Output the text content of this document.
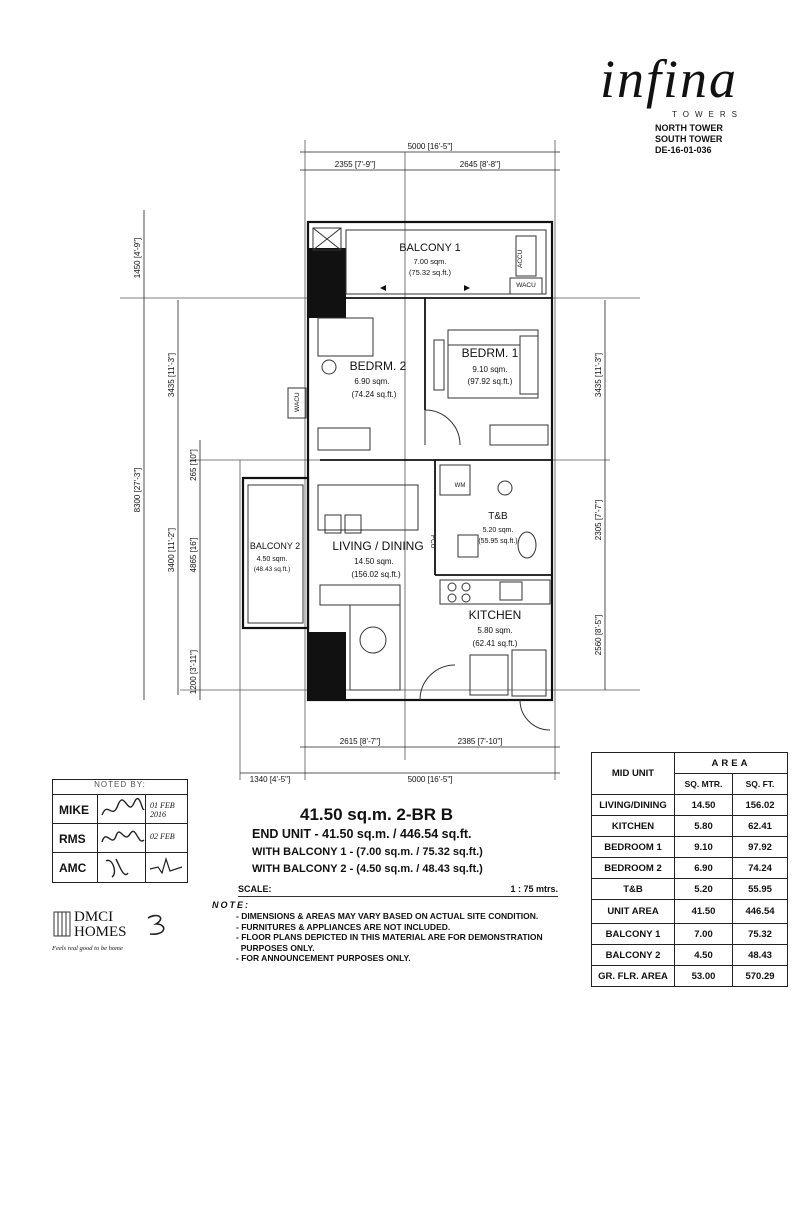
infina
TOWERS
NORTH TOWER
SOUTH TOWER
DE-16-01-036
BALCONY 1
7.00 sqm.
(75.32 sq.ft.)
BEDRM. 2
6.90 sqm.
(74.24 sq.ft.)
BEDRM. 1
9.10 sqm.
(97.92 sq.ft.)
T&B
5.20 sqm.
(55.95 sq.ft.)
LIVING / DINING
14.50 sqm.
(156.02 sq.ft.)
BALCONY 2
4.50 sqm.
(48.43 sq.ft.)
KITCHEN
5.80 sqm.
(62.41 sq.ft.)
WACU
WM
ACCU
WACU
FCU
5000 [16'-5"]
2355 [7'-9"]	2645 [8'-8"]
2615 [8'-7"]	2385 [7'-10"]
5000 [16'-5"]
1340 [4'-5"]
8300 [27'-3"]
1450 [4'-9"]
3435 [11'-3"]
3400 [11'-2"]
1200 [3'-11"]
265 [10"]
4865 [16']
3435 [11'-3"]
2305 [7'-7"]
2560 [8'-5"]
41.50 sq.m. 2-BR B
END UNIT - 41.50 sq.m. / 446.54 sq.ft.
WITH BALCONY 1 - (7.00 sq.m. / 75.32 sq.ft.)
WITH BALCONY 2 - (4.50 sq.m. / 48.43 sq.ft.)
SCALE:	1 : 75 mtrs.
NOTE:
- DIMENSIONS & AREAS MAY VARY BASED ON ACTUAL SITE CONDITION.
- FURNITURES & APPLIANCES ARE NOT INCLUDED.
- FLOOR PLANS DEPICTED IN THIS MATERIAL ARE FOR DEMONSTRATION
PURPOSES ONLY.
- FOR ANNOUNCEMENT PURPOSES ONLY.
NOTED BY:
MIKE	01 FEB 2016
RMS	02 FEB
AMC
DMCI HOMES
Feels real good to be home
MID UNIT	AREA	
	SQ. MTR.	SQ. FT.
LIVING/DINING	14.50	156.02
KITCHEN	5.80	62.41
BEDROOM 1	9.10	97.92
BEDROOM 2	6.90	74.24
T&B	5.20	55.95
UNIT AREA	41.50	446.54
BALCONY 1	7.00	75.32
BALCONY 2	4.50	48.43
GR. FLR. AREA	53.00	570.29
